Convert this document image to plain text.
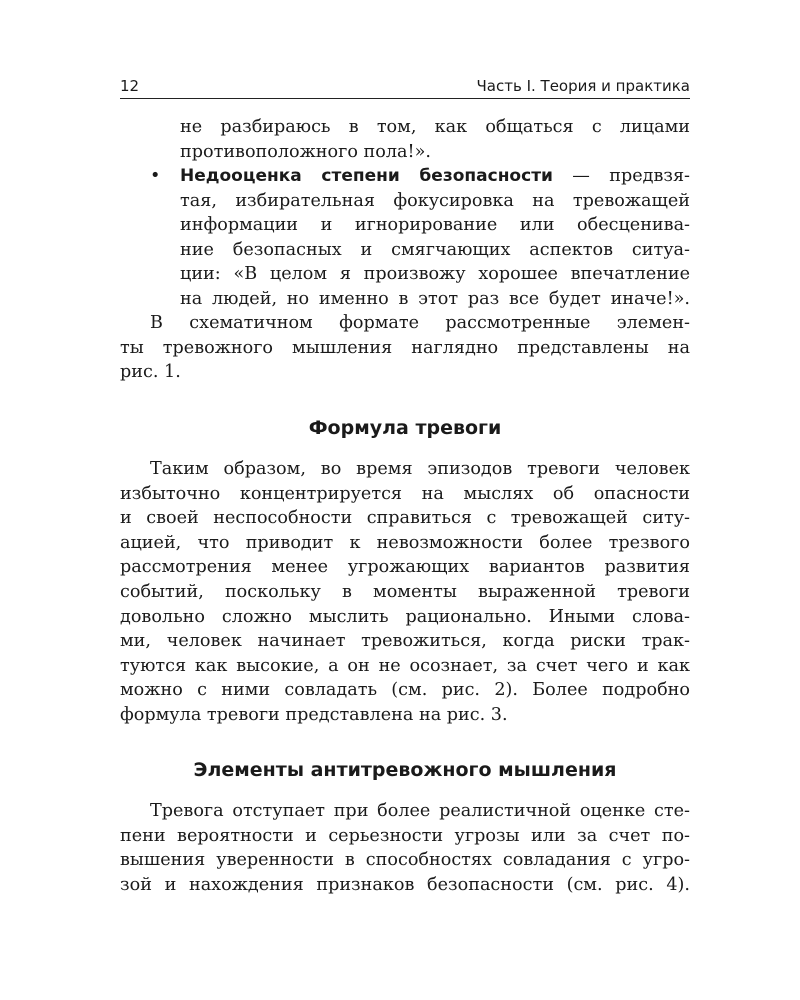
12	Часть I. Теория и практика
не разбираюсь в том, как общаться с лицами
противоположного пола!».
• Недооценка степени безопасности — предвзя-
тая, избирательная фокусировка на тревожащей
информации и игнорирование или обесценива-
ние безопасных и смягчающих аспектов ситуа-
ции: «В целом я произвожу хорошее впечатление
на людей, но именно в этот раз все будет иначе!».
В схематичном формате рассмотренные элемен-
ты тревожного мышления наглядно представлены на
рис. 1.
Формула тревоги
Таким образом, во время эпизодов тревоги человек
избыточно концентрируется на мыслях об опасности
и своей неспособности справиться с тревожащей ситу-
ацией, что приводит к невозможности более трезвого
рассмотрения менее угрожающих вариантов развития
событий, поскольку в моменты выраженной тревоги
довольно сложно мыслить рационально. Иными слова-
ми, человек начинает тревожиться, когда риски трак-
туются как высокие, а он не осознает, за счет чего и как
можно с ними совладать (см. рис. 2). Более подробно
формула тревоги представлена на рис. 3.
Элементы антитревожного мышления
Тревога отступает при более реалистичной оценке сте-
пени вероятности и серьезности угрозы или за счет по-
вышения уверенности в способностях совладания с угро-
зой и нахождения признаков безопасности (см. рис. 4).
